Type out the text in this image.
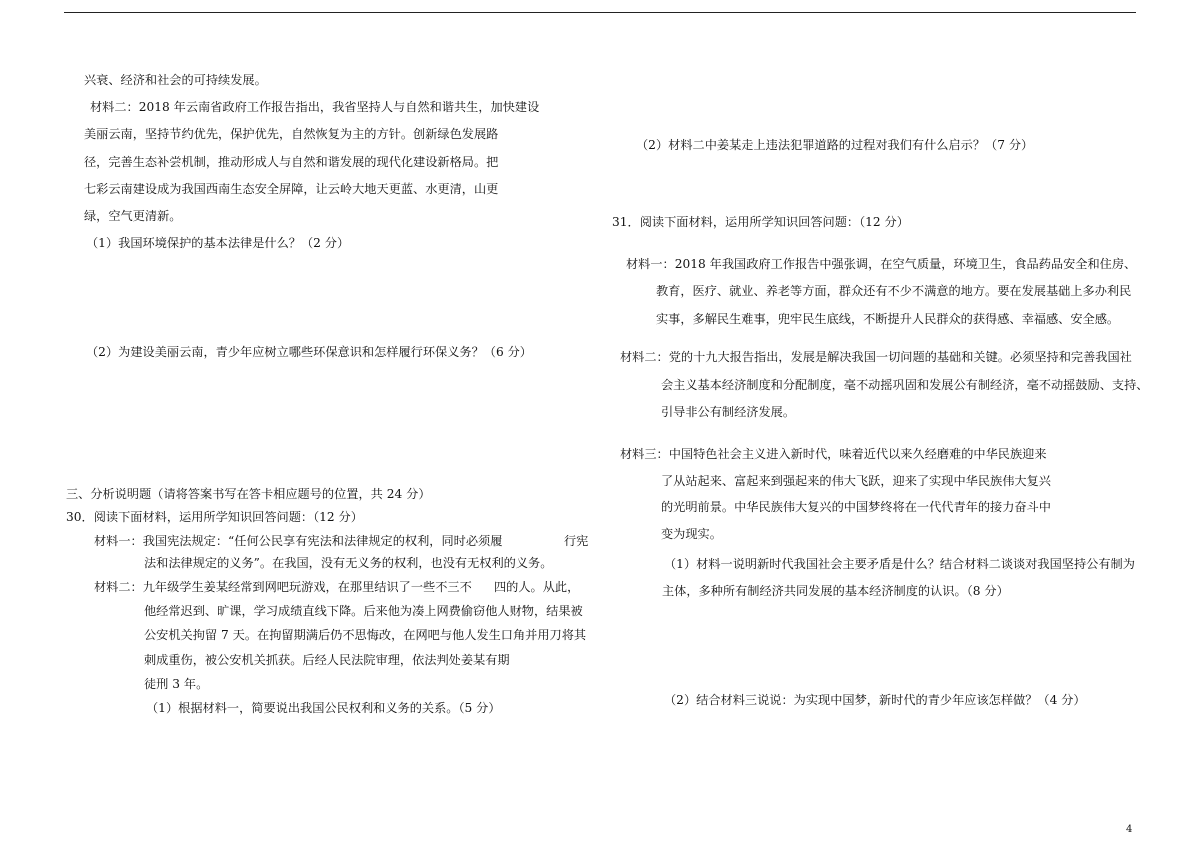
兴衰、经济和社会的可持续发展。
材料二：2018 年云南省政府工作报告指出，我省坚持人与自然和谐共生，加快建设
美丽云南，坚持节约优先，保护优先，自然恢复为主的方针。创新绿色发展路
径，完善生态补尝机制，推动形成人与自然和谐发展的现代化建设新格局。把
七彩云南建设成为我国西南生态安全屏障，让云岭大地天更蓝、水更清，山更
绿，空气更清新。
（1）我国环境保护的基本法律是什么？（2 分）
（2）为建设美丽云南，青少年应树立哪些环保意识和怎样履行环保义务？（6 分）
三、分析说明题（请将答案书写在答卡相应题号的位置，共 24 分）
30．阅读下面材料，运用所学知识回答问题：（12 分）
材料一：我国宪法规定：“任何公民享有宪法和法律规定的权利，同时必须履	行宪
法和法律规定的义务”。在我国，没有无义务的权利，也没有无权利的义务。
材料二：九年级学生姜某经常到网吧玩游戏，在那里结识了一些不三不 四的人。从此，
他经常迟到、旷课，学习成绩直线下降。后来他为凑上网费偷窃他人财物，结果被
公安机关拘留 7 天。在拘留期满后仍不思悔改，在网吧与他人发生口角并用刀将其
刺成重伤，被公安机关抓获。后经人民法院审理，依法判处姜某有期
徒刑 3 年。
（1）根据材料一，简要说出我国公民权利和义务的关系。（5 分）
（2）材料二中姜某走上违法犯罪道路的过程对我们有什么启示？（7 分）
31．阅读下面材料，运用所学知识回答问题：（12 分）
材料一：2018 年我国政府工作报告中强张调，在空气质量，环境卫生，食品药品安全和住房、
教育，医疗、就业、养老等方面，群众还有不少不满意的地方。要在发展基础上多办利民
实事，多解民生难事，兜牢民生底线，不断提升人民群众的获得感、幸福感、安全感。
材料二：党的十九大报告指出，发展是解决我国一切问题的基础和关键。必须坚持和完善我国社
会主义基本经济制度和分配制度，毫不动摇巩固和发展公有制经济，毫不动摇鼓励、支持、
引导非公有制经济发展。
材料三：中国特色社会主义进入新时代，味着近代以来久经磨难的中华民族迎来
了从站起来、富起来到强起来的伟大飞跃，迎来了实现中华民族伟大复兴
的光明前景。中华民族伟大复兴的中国梦终将在一代代青年的接力奋斗中
变为现实。
（1）材料一说明新时代我国社会主要矛盾是什么？结合材料二谈谈对我国坚持公有制为
主体，多种所有制经济共同发展的基本经济制度的认识。（8 分）
（2）结合材料三说说：为实现中国梦，新时代的青少年应该怎样做？（4 分）
4
